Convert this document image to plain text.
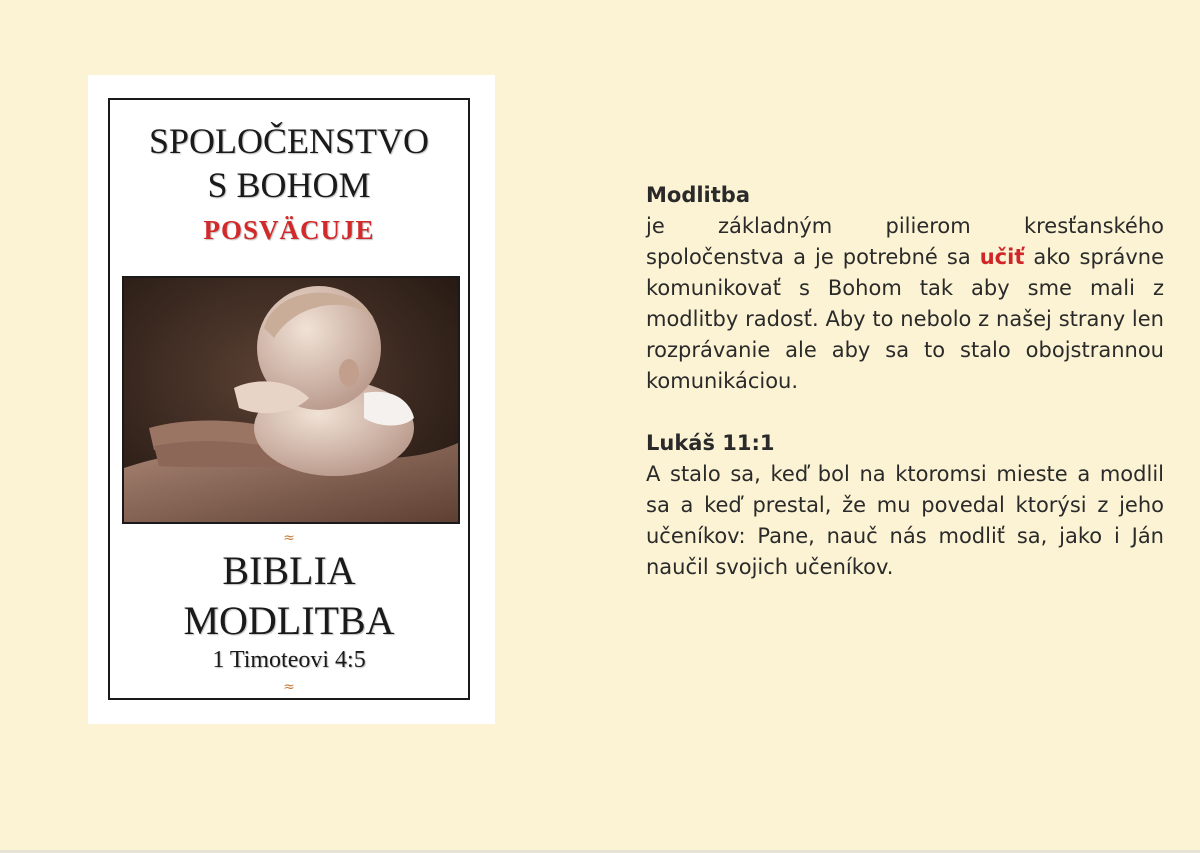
SPOLOČENSTVO
S BOHOM
POSVÄCUJE
≈
BIBLIA
MODLITBA
1 Timoteovi 4:5
≈
Modlitba
je základným pilierom kresťanského spoločenstva a je potrebné sa učiť ako správne komunikovať s Bohom tak aby sme mali z modlitby radosť. Aby to nebolo z našej strany len rozprávanie ale aby sa to stalo obojstrannou komunikáciou.
Lukáš 11:1
A stalo sa, keď bol na ktoromsi mieste a modlil sa a keď prestal, že mu povedal ktorýsi z jeho učeníkov: Pane, nauč nás modliť sa, jako i Ján naučil svojich učeníkov.
